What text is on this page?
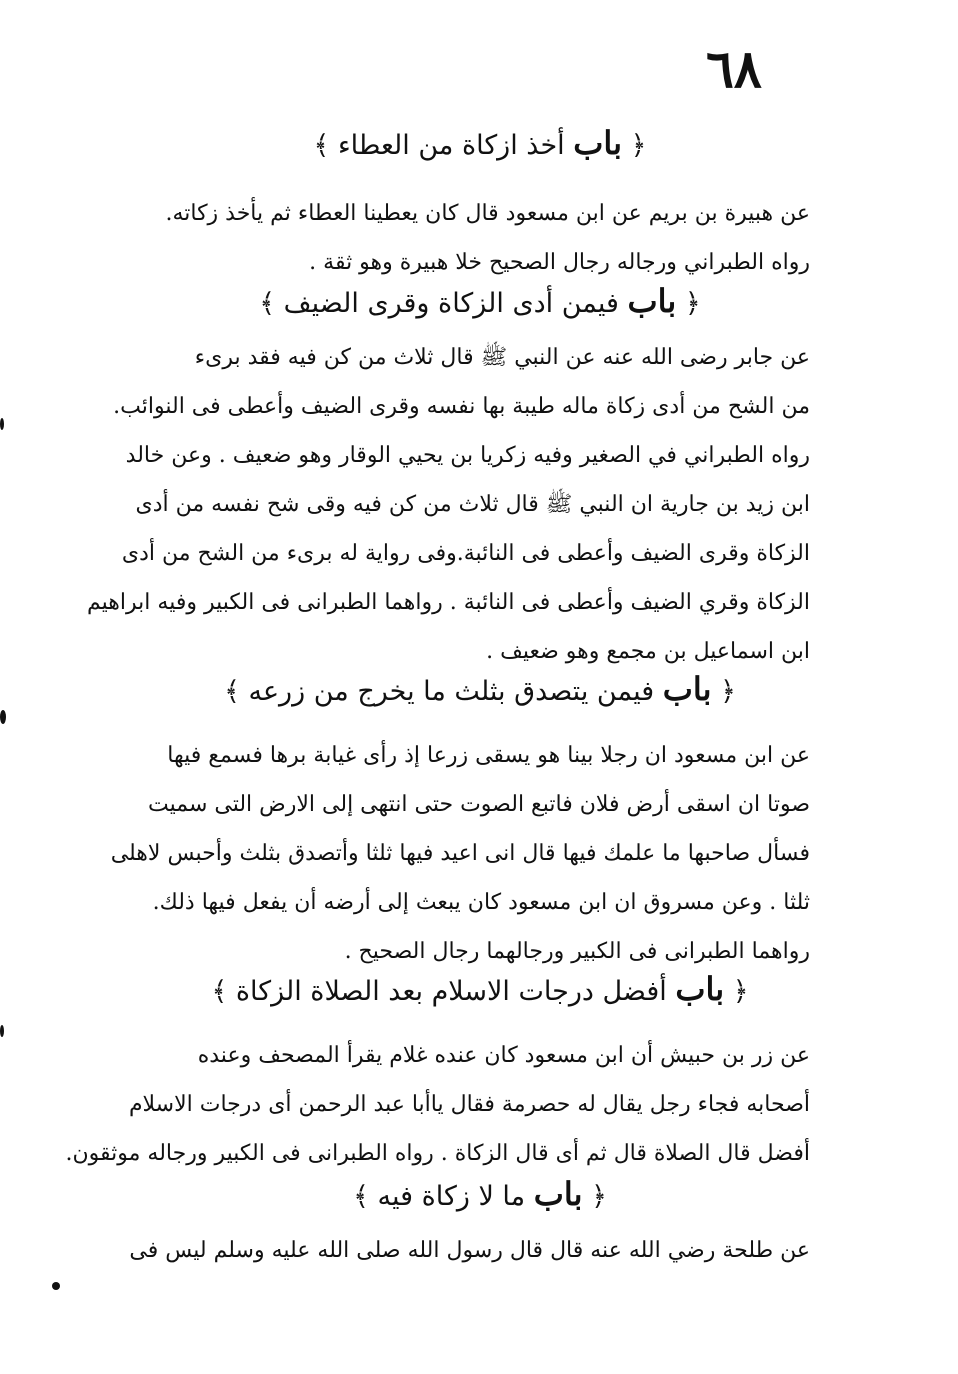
٦٨
﴿ باب أخذ ازكاة من العطاء ﴾
عن هبيرة بن بريم عن ابن مسعود قال كان يعطينا العطاء ثم يأخذ زكاته.
رواه الطبراني ورجاله رجال الصحيح خلا هبيرة وهو ثقة .
﴿ باب فيمن أدى الزكاة وقرى الضيف ﴾
عن جابر رضى الله عنه عن النبي ﷺ قال ثلاث من كن فيه فقد برىء
من الشح من أدى زكاة ماله طيبة بها نفسه وقرى الضيف وأعطى فى النوائب.
رواه الطبراني في الصغير وفيه زكريا بن يحيي الوقار وهو ضعيف . وعن خالد
ابن زيد بن جارية ان النبي ﷺ قال ثلاث من كن فيه وقى شح نفسه من أدى
الزكاة وقرى الضيف وأعطى فى النائبة.وفى رواية له برىء من الشح من أدى
الزكاة وقري الضيف وأعطى فى النائبة . رواهما الطبرانى فى الكبير وفيه ابراهيم
ابن اسماعيل بن مجمع وهو ضعيف .
﴿ باب فيمن يتصدق بثلث ما يخرج من زرعه ﴾
عن ابن مسعود ان رجلا بينا هو يسقى زرعا إذ رأى غيابة برها فسمع فيها
صوتا ان اسقى أرض فلان فاتبع الصوت حتى انتهى إلى الارض التى سميت
فسأل صاحبها ما علمك فيها قال انى اعيد فيها ثلثا وأتصدق بثلث وأحبس لاهلى
ثلثا . وعن مسروق ان ابن مسعود كان يبعث إلى أرضه أن يفعل فيها ذلك.
رواهما الطبرانى فى الكبير ورجالهما رجال الصحيح .
﴿ باب أفضل درجات الاسلام بعد الصلاة الزكاة ﴾
عن زر بن حبيش أن ابن مسعود كان عنده غلام يقرأ المصحف وعنده
أصحابه فجاء رجل يقال له حصرمة فقال ياأبا عبد الرحمن أى درجات الاسلام
أفضل قال الصلاة قال ثم أى قال الزكاة . رواه الطبرانى فى الكبير ورجاله موثقون.
﴿ باب ما لا زكاة فيه ﴾
عن طلحة رضي الله عنه قال قال رسول الله صلى الله عليه وسلم ليس فى
